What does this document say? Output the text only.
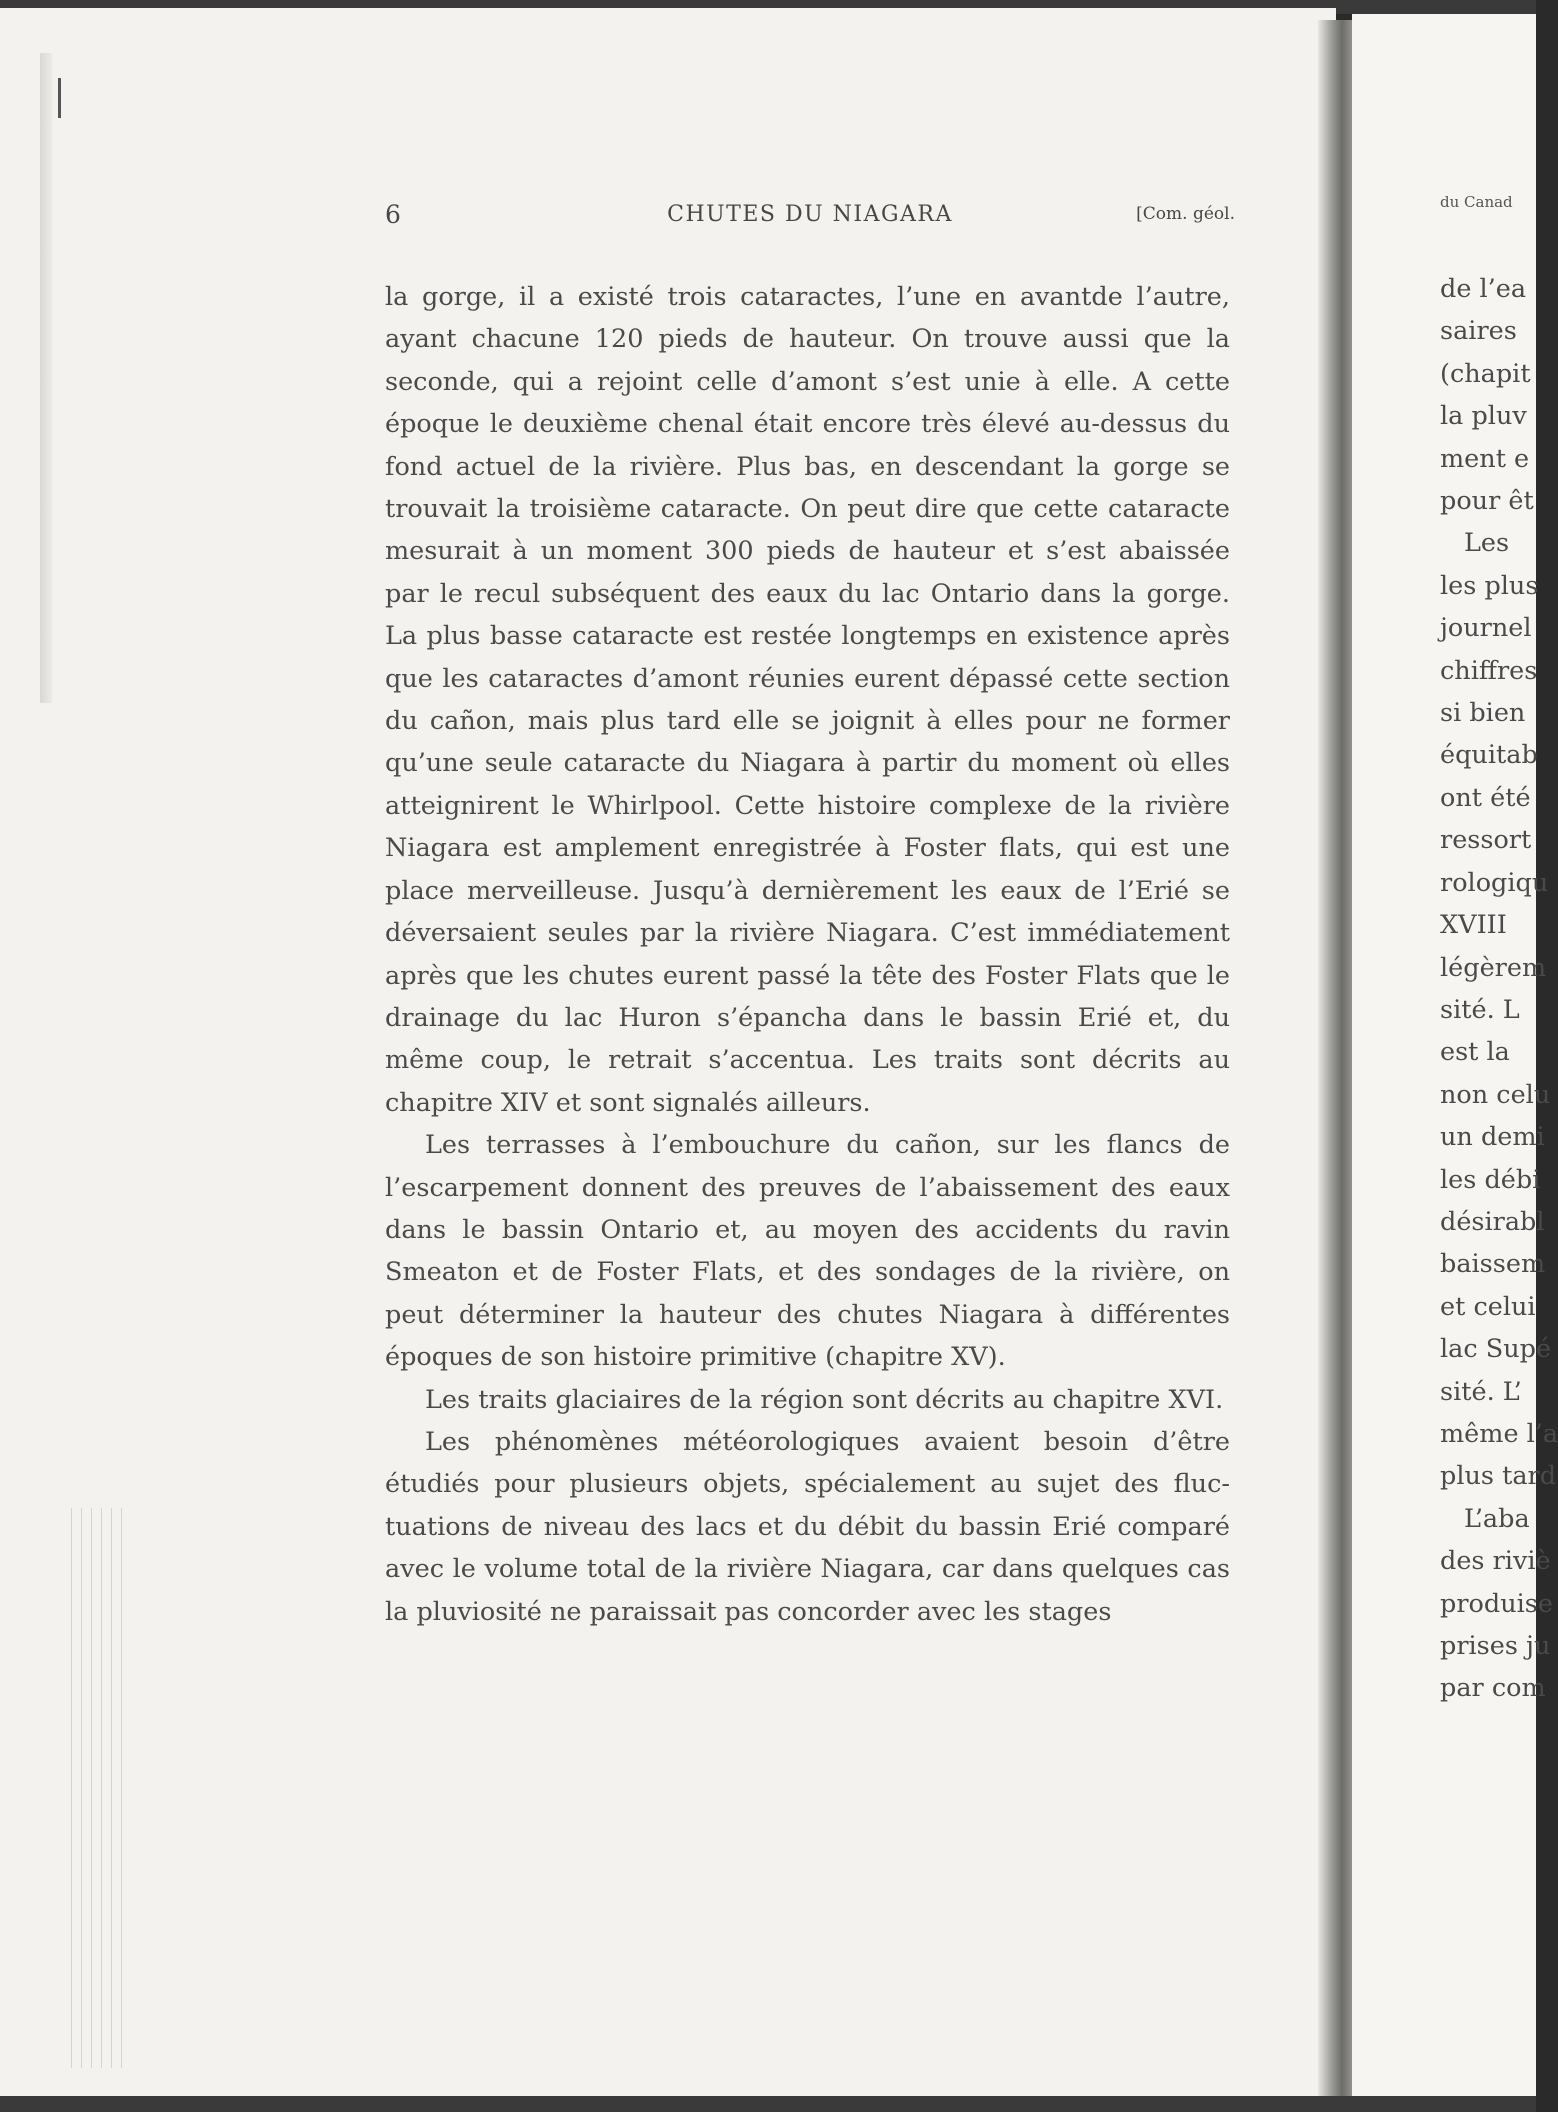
6	CHUTES DU NIAGARA	[Com. géol.

la gorge, il a existé trois cataractes, l’une en avantde l’autre, ayant chacune 120 pieds de hauteur. On trouve aussi que la seconde, qui a rejoint celle d’amont s’est unie à elle. A cette époque le deuxième chenal était encore très élevé au-dessus du fond actuel de la rivière. Plus bas, en descendant la gorge se trouvait la troisième cataracte. On peut dire que cette cataracte mesurait à un moment 300 pieds de hauteur et s’est abaissée par le recul subséquent des eaux du lac Ontario dans la gorge. La plus basse cataracte est restée longtemps en existence après que les cataractes d’amont réunies eurent dépassé cette section du cañon, mais plus tard elle se joignit à elles pour ne former qu’une seule cataracte du Niagara à partir du moment où elles atteignirent le Whirlpool. Cette histoire complexe de la rivière Niagara est amplement enregistrée à Foster flats, qui est une place merveilleuse. Jusqu’à dernièrement les eaux de l’Erié se déversaient seules par la rivière Niagara. C’est immédiatement après que les chutes eurent passé la tête des Foster Flats que le drainage du lac Huron s’épancha dans le bassin Erié et, du même coup, le retrait s’accentua. Les traits sont décrits au chapitre XIV et sont signalés ailleurs.

Les terrasses à l’embouchure du cañon, sur les flancs de l’escarpement donnent des preuves de l’abaissement des eaux dans le bassin Ontario et, au moyen des accidents du ravin Smeaton et de Foster Flats, et des sondages de la rivière, on peut déterminer la hauteur des chutes Niagara à différentes époques de son histoire primitive (chapitre XV).

Les traits glaciaires de la région sont décrits au chapitre XVI.

Les phénomènes météorologiques avaient besoin d’être étudiés pour plusieurs objets, spécialement au sujet des fluctuations de niveau des lacs et du débit du bassin Erié comparé avec le volume total de la rivière Niagara, car dans quelques cas la pluviosité ne paraissait pas concorder avec les stages

du Canad
de l’ea
saires
(chapit
la pluv
ment e
pour êt
Les
les plus
journel
chiffres
si bien
équitab
ont été
ressort
rologiqu
XVIII
légèrem
sité. L
est la
non celu
un demi
les débi
désirabl
baissem
et celui
lac Supé
sité. L’
même l’a
plus tard
L’aba
des riviè
produise
prises ju
par com
